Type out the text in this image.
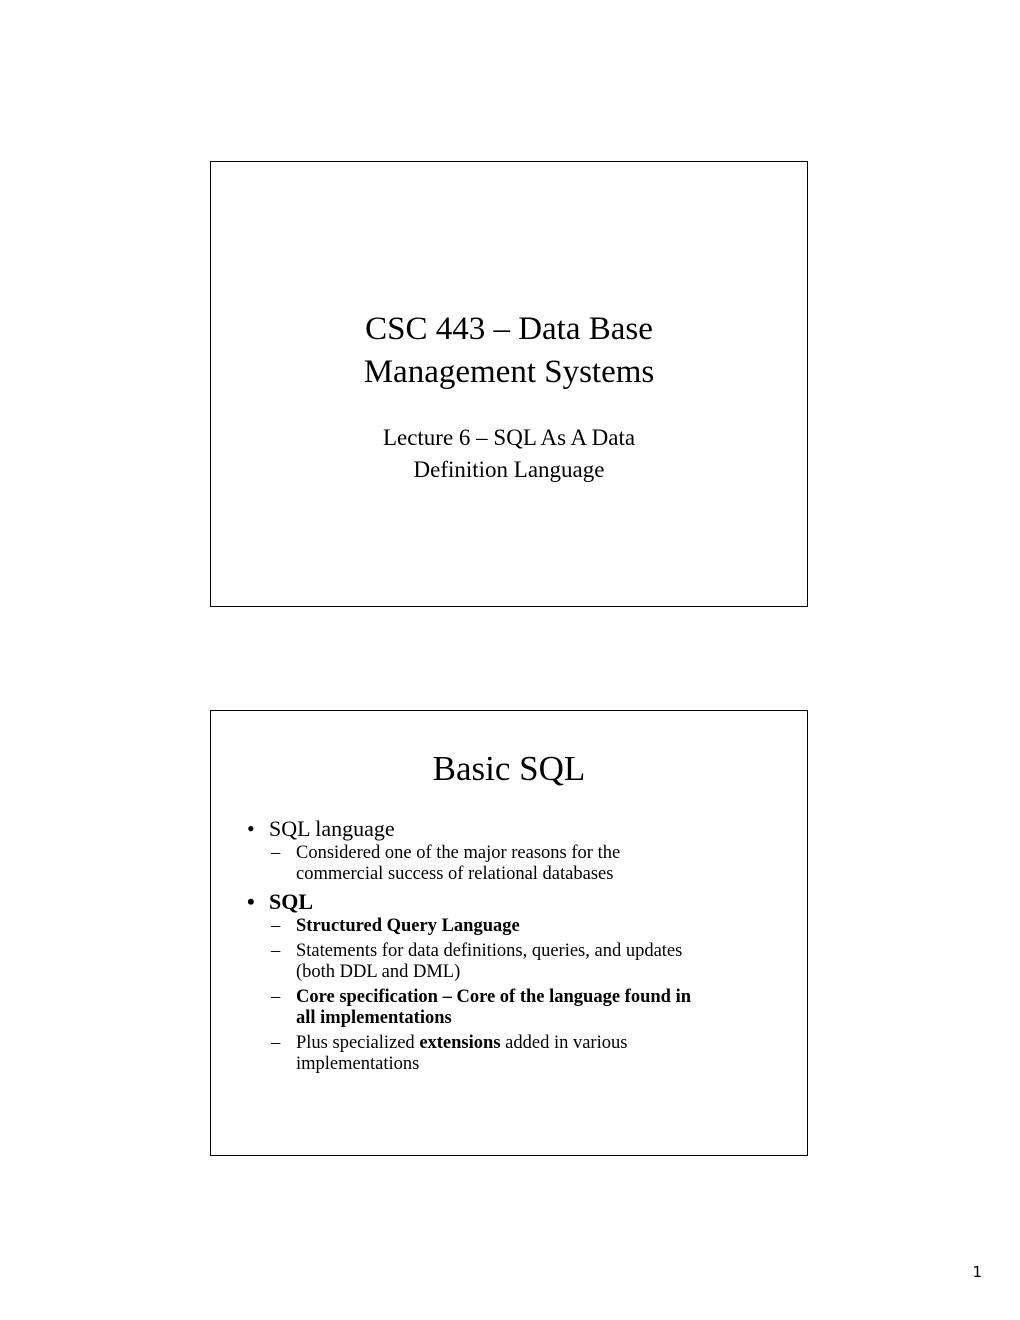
CSC 443 – Data Base
Management Systems
Lecture 6 – SQL As A Data
Definition Language
Basic SQL
• SQL language
– Considered one of the major reasons for the
commercial success of relational databases
• SQL
– Structured Query Language
– Statements for data definitions, queries, and updates
(both DDL and DML)
– Core specification – Core of the language found in
all implementations
– Plus specialized extensions added in various
implementations
1
